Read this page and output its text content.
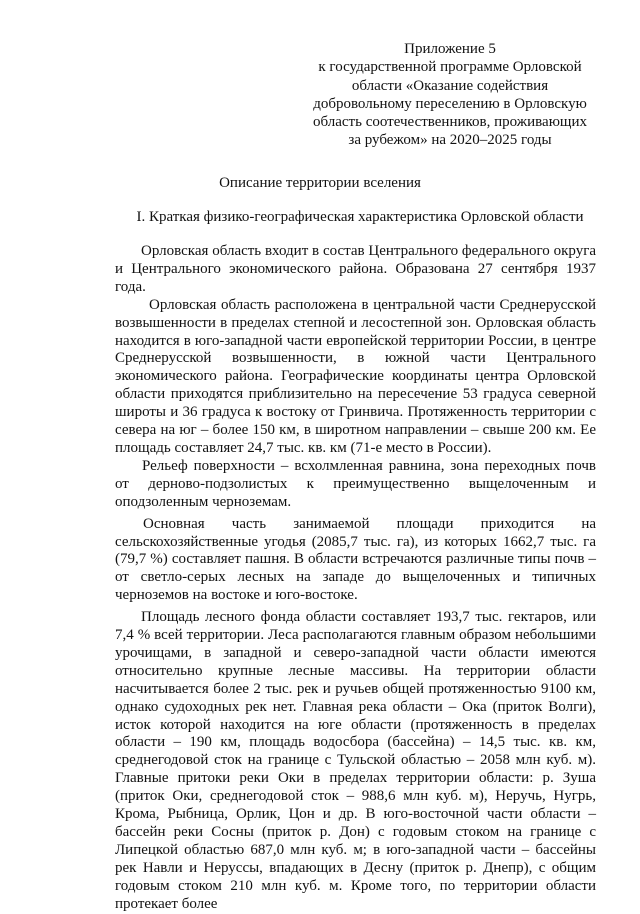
Приложение 5
к государственной программе Орловской
области «Оказание содействия
добровольному переселению в Орловскую
область соотечественников, проживающих
за рубежом» на 2020–2025 годы
Описание территории вселения
I. Краткая физико-географическая характеристика Орловской области

Орловская область входит в состав Центрального федерального округа и Центрального экономического района. Образована 27 сентября 1937 года.

Орловская область расположена в центральной части Среднерусской возвышенности в пределах степной и лесостепной зон. Орловская область находится в юго-западной части европейской территории России, в центре Среднерусской возвышенности, в южной части Центрального экономического района. Географические координаты центра Орловской области приходятся приблизительно на пересечение 53 градуса северной широты и 36 градуса к востоку от Гринвича. Протяженность территории с севера на юг – более 150 км, в широтном направлении – свыше 200 км. Ее площадь составляет 24,7 тыс. кв. км (71-е место в России).

Рельеф поверхности – всхолмленная равнина, зона переходных почв от дерново-подзолистых к преимущественно выщелоченным и оподзоленным черноземам.

Основная часть занимаемой площади приходится на сельскохозяйственные угодья (2085,7 тыс. га), из которых 1662,7 тыс. га (79,7 %) составляет пашня. В области встречаются различные типы почв – от светло-серых лесных на западе до выщелоченных и типичных черноземов на востоке и юго-востоке.

Площадь лесного фонда области составляет 193,7 тыс. гектаров, или 7,4 % всей территории. Леса располагаются главным образом небольшими урочищами, в западной и северо-западной части области имеются относительно крупные лесные массивы. На территории области насчитывается более 2 тыс. рек и ручьев общей протяженностью 9100 км, однако судоходных рек нет. Главная река области – Ока (приток Волги), исток которой находится на юге области (протяженность в пределах области – 190 км, площадь водосбора (бассейна) – 14,5 тыс. кв. км, среднегодовой сток на границе с Тульской областью – 2058 млн куб. м). Главные притоки реки Оки в пределах территории области: р. Зуша (приток Оки, среднегодовой сток – 988,6 млн куб. м), Неручь, Нугрь, Крома, Рыбница, Орлик, Цон и др. В юго-восточной части области – бассейн реки Сосны (приток р. Дон) с годовым стоком на границе с Липецкой областью 687,0 млн куб. м; в юго-западной части – бассейны рек Навли и Неруссы, впадающих в Десну (приток р. Днепр), с общим годовым стоком 210 млн куб. м. Кроме того, по территории области протекает более
